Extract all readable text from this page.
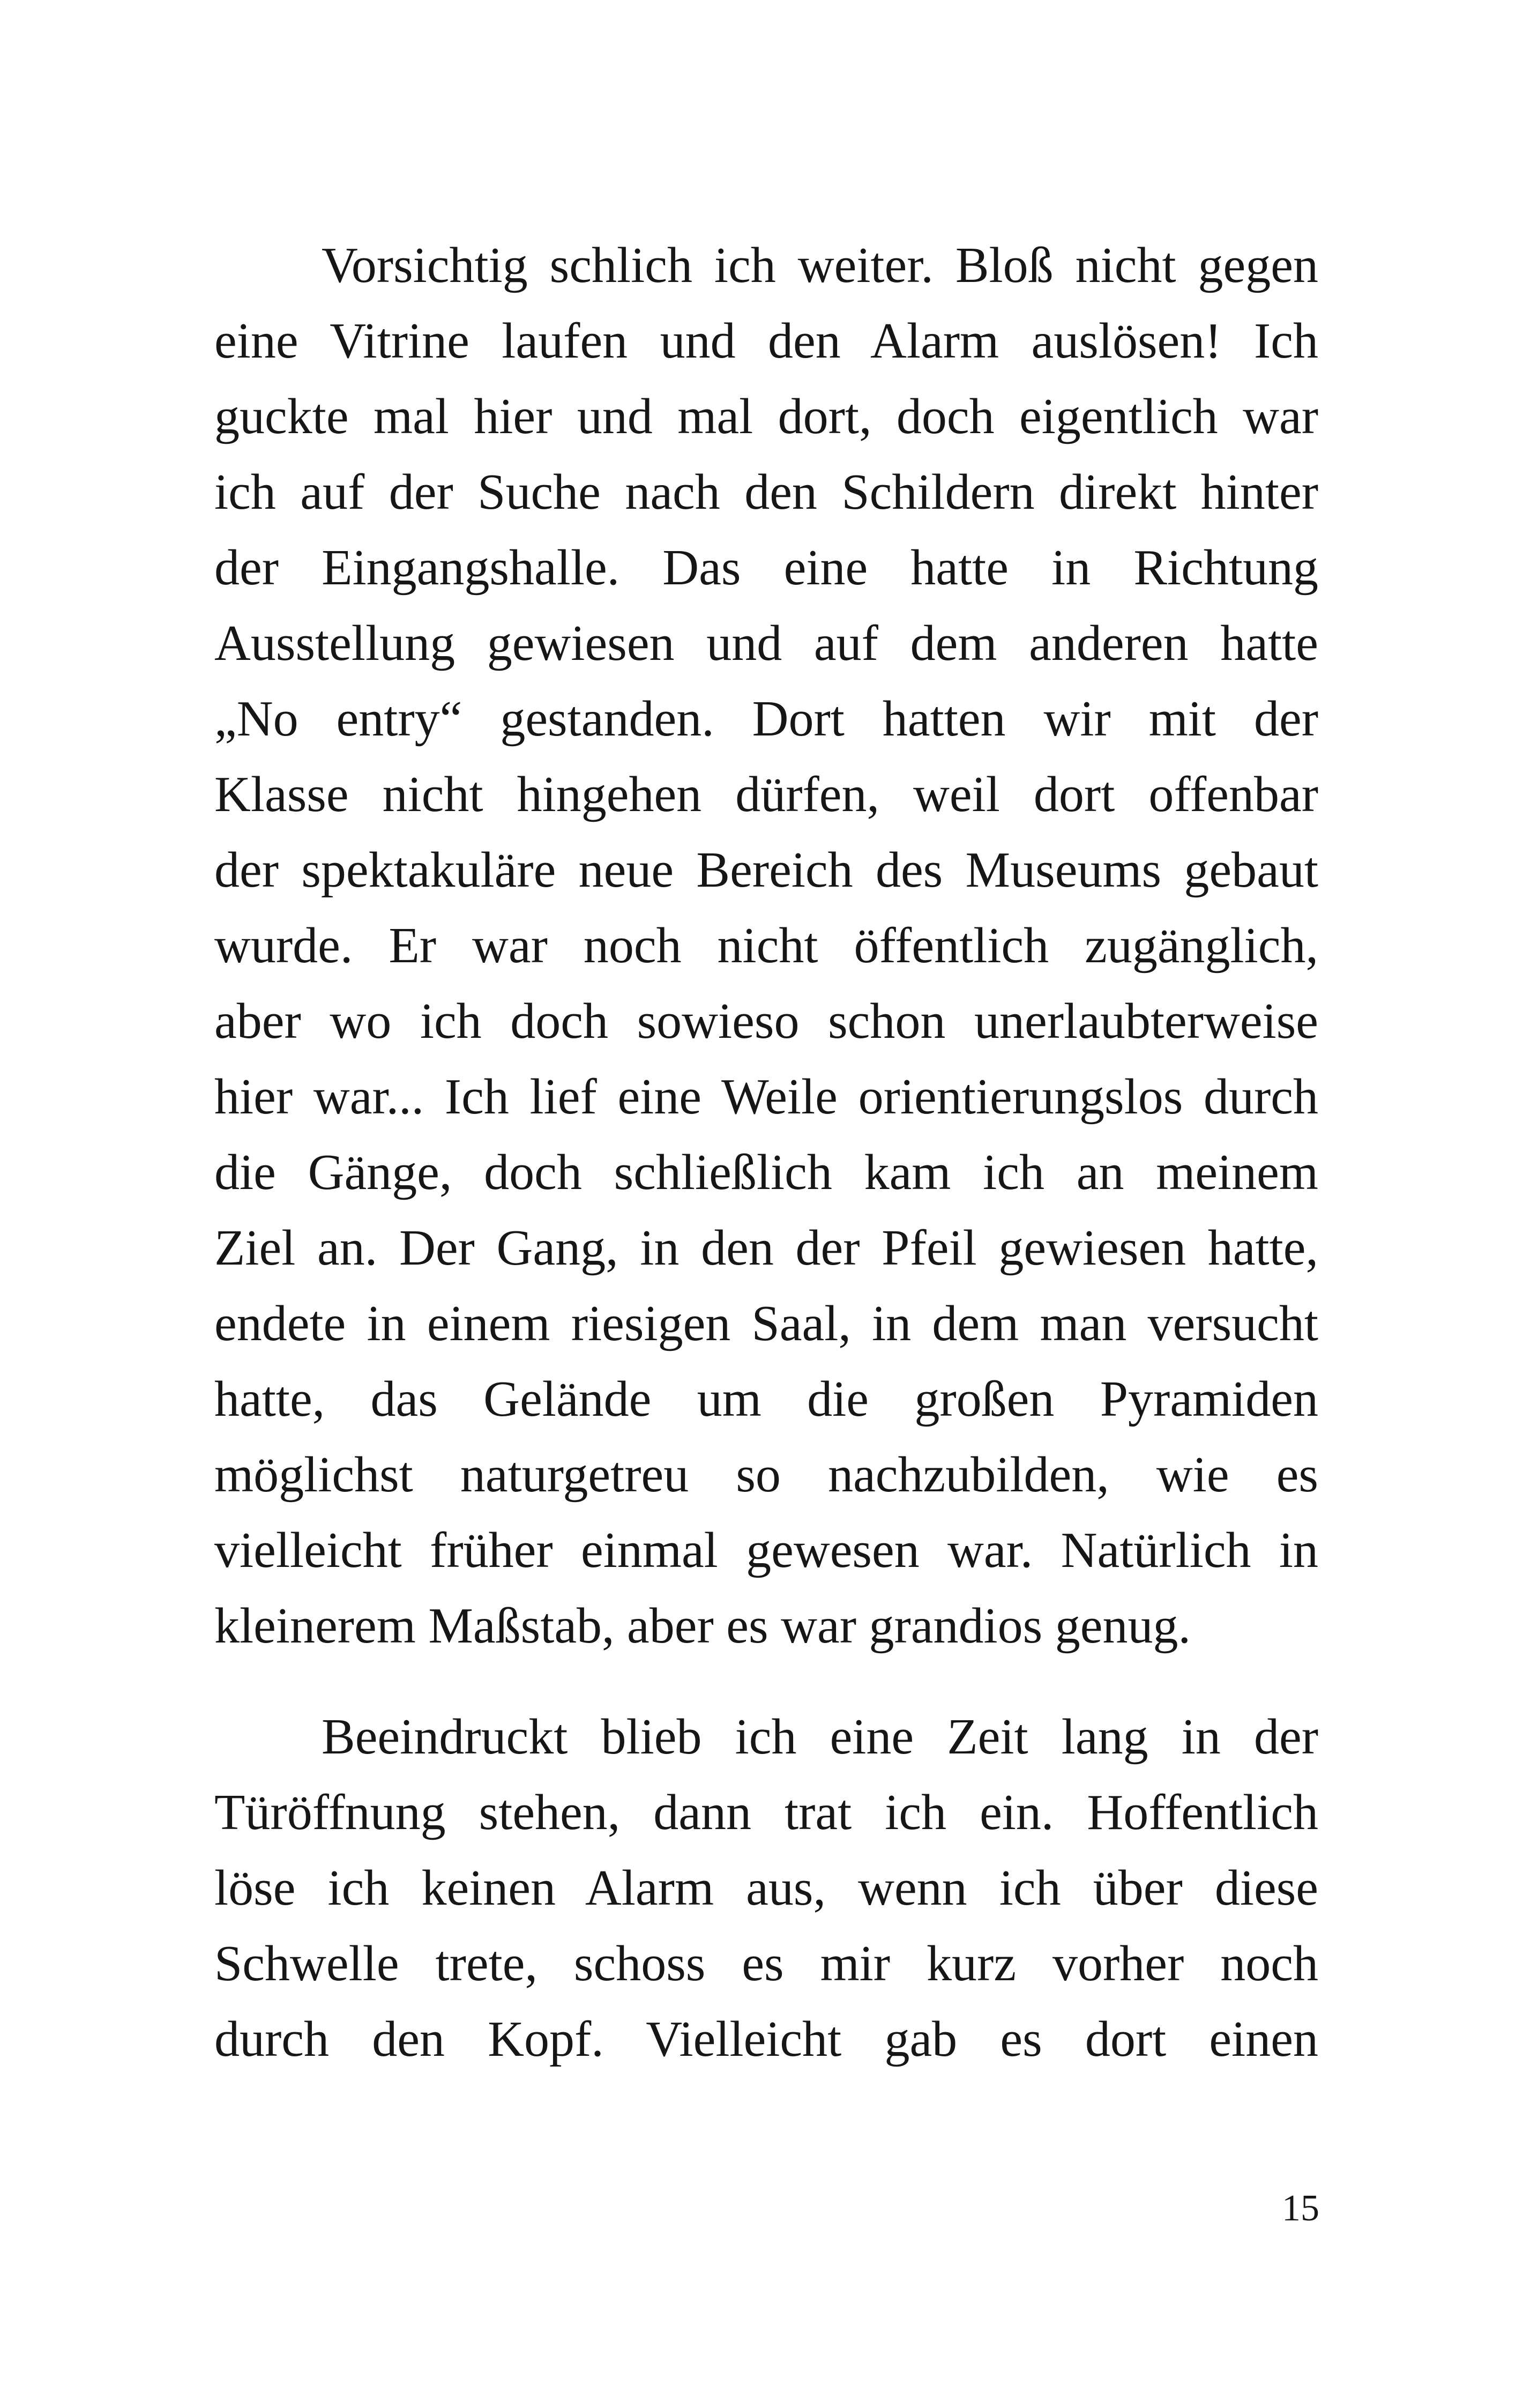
Vorsichtig schlich ich weiter. Bloß nicht gegen
eine Vitrine laufen und den Alarm auslösen! Ich
guckte mal hier und mal dort, doch eigentlich war
ich auf der Suche nach den Schildern direkt hinter
der Eingangshalle. Das eine hatte in Richtung
Ausstellung gewiesen und auf dem anderen hatte
„No entry“ gestanden. Dort hatten wir mit der
Klasse nicht hingehen dürfen, weil dort offenbar
der spektakuläre neue Bereich des Museums gebaut
wurde. Er war noch nicht öffentlich zugänglich,
aber wo ich doch sowieso schon unerlaubterweise
hier war... Ich lief eine Weile orientierungslos durch
die Gänge, doch schließlich kam ich an meinem
Ziel an. Der Gang, in den der Pfeil gewiesen hatte,
endete in einem riesigen Saal, in dem man versucht
hatte, das Gelände um die großen Pyramiden
möglichst naturgetreu so nachzubilden, wie es
vielleicht früher einmal gewesen war. Natürlich in
kleinerem Maßstab, aber es war grandios genug.
Beeindruckt blieb ich eine Zeit lang in der
Türöffnung stehen, dann trat ich ein. Hoffentlich
löse ich keinen Alarm aus, wenn ich über diese
Schwelle trete, schoss es mir kurz vorher noch
durch den Kopf. Vielleicht gab es dort einen
15
